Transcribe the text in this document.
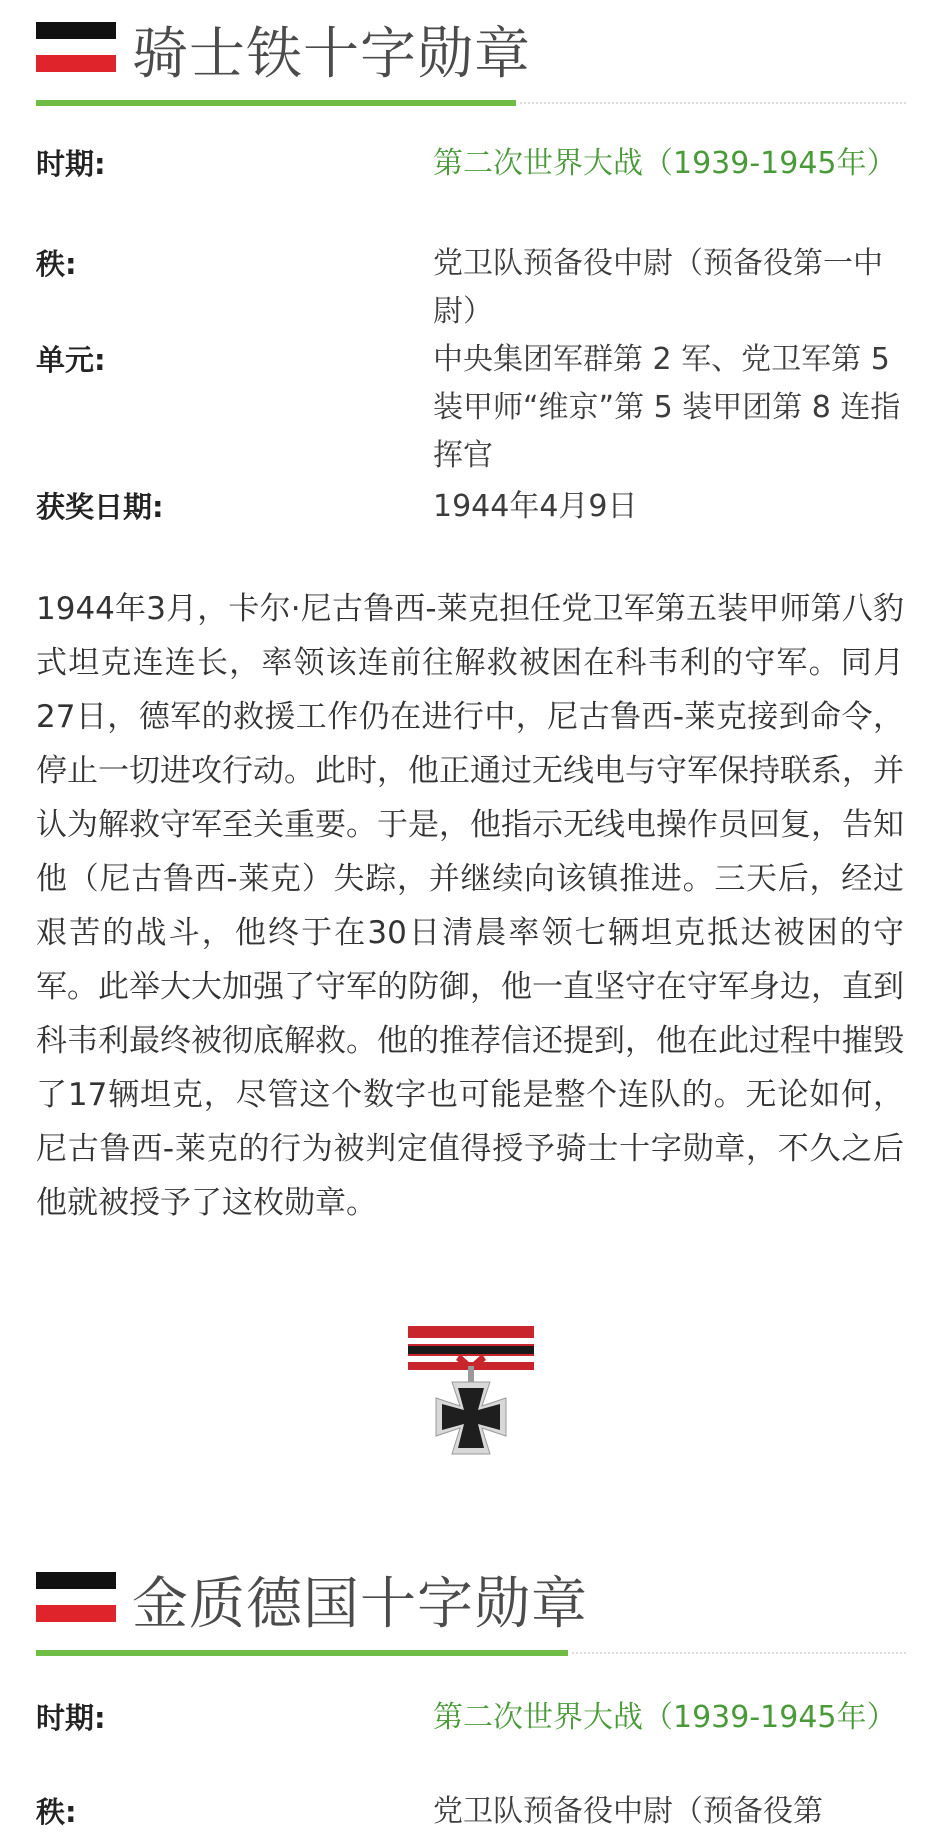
骑士铁十字勋章
时期:	第二次世界大战（1939-1945年）
秩:	党卫队预备役中尉（预备役第一中尉）
单元:	中央集团军群第 2 军、党卫军第 5 装甲师“维京”第 5 装甲团第 8 连指挥官
获奖日期:	1944年4月9日
1944年3月，卡尔·尼古鲁西-莱克担任党卫军第五装甲师第八豹式坦克连连长，率领该连前往解救被困在科韦利的守军。同月27日，德军的救援工作仍在进行中，尼古鲁西-莱克接到命令，停止一切进攻行动。此时，他正通过无线电与守军保持联系，并认为解救守军至关重要。于是，他指示无线电操作员回复，告知他（尼古鲁西-莱克）失踪，并继续向该镇推进。三天后，经过艰苦的战斗，他终于在30日清晨率领七辆坦克抵达被困的守军。此举大大加强了守军的防御，他一直坚守在守军身边，直到科韦利最终被彻底解救。他的推荐信还提到，他在此过程中摧毁了17辆坦克，尽管这个数字也可能是整个连队的。无论如何，尼古鲁西-莱克的行为被判定值得授予骑士十字勋章，不久之后他就被授予了这枚勋章。
金质德国十字勋章
时期:	第二次世界大战（1939-1945年）
秩:	党卫队预备役中尉（预备役第
